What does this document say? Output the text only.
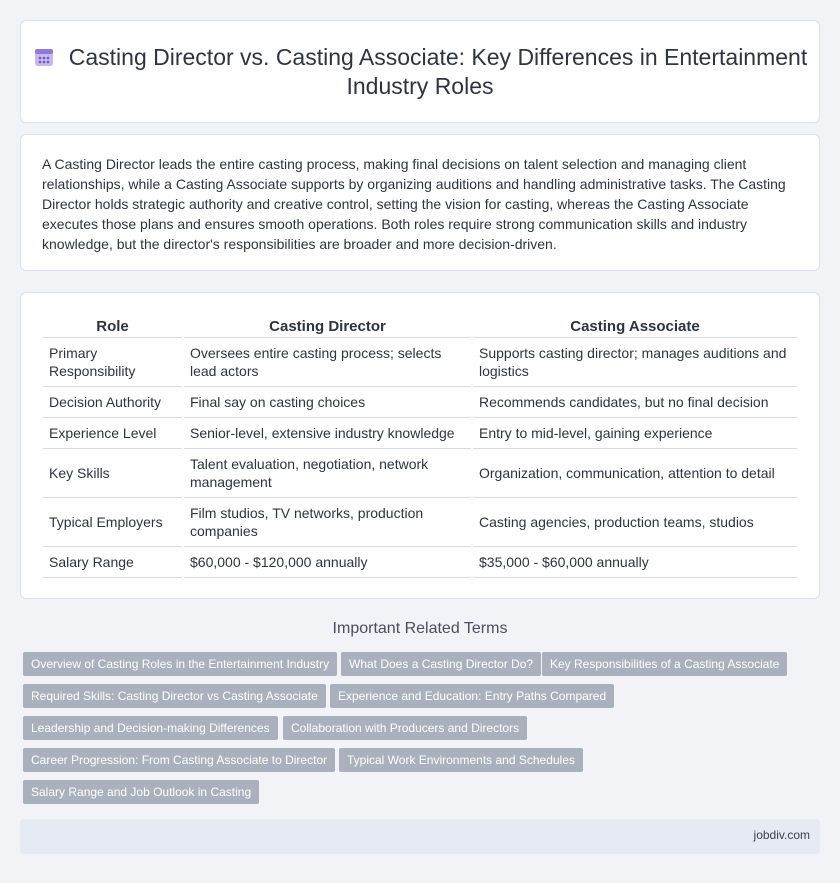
Casting Director vs. Casting Associate: Key Differences in Entertainment Industry Roles

A Casting Director leads the entire casting process, making final decisions on talent selection and managing client relationships, while a Casting Associate supports by organizing auditions and handling administrative tasks. The Casting Director holds strategic authority and creative control, setting the vision for casting, whereas the Casting Associate executes those plans and ensures smooth operations. Both roles require strong communication skills and industry knowledge, but the director's responsibilities are broader and more decision-driven.

Role	Casting Director	Casting Associate
Primary Responsibility	Oversees entire casting process; selects lead actors	Supports casting director; manages auditions and logistics
Decision Authority	Final say on casting choices	Recommends candidates, but no final decision
Experience Level	Senior-level, extensive industry knowledge	Entry to mid-level, gaining experience
Key Skills	Talent evaluation, negotiation, network management	Organization, communication, attention to detail
Typical Employers	Film studios, TV networks, production companies	Casting agencies, production teams, studios
Salary Range	$60,000 - $120,000 annually	$35,000 - $60,000 annually
Important Related Terms
Overview of Casting Roles in the Entertainment Industry	What Does a Casting Director Do?	Key Responsibilities of a Casting Associate
Required Skills: Casting Director vs Casting Associate	Experience and Education: Entry Paths Compared
Leadership and Decision-making Differences	Collaboration with Producers and Directors
Career Progression: From Casting Associate to Director	Typical Work Environments and Schedules
Salary Range and Job Outlook in Casting
jobdiv.com
